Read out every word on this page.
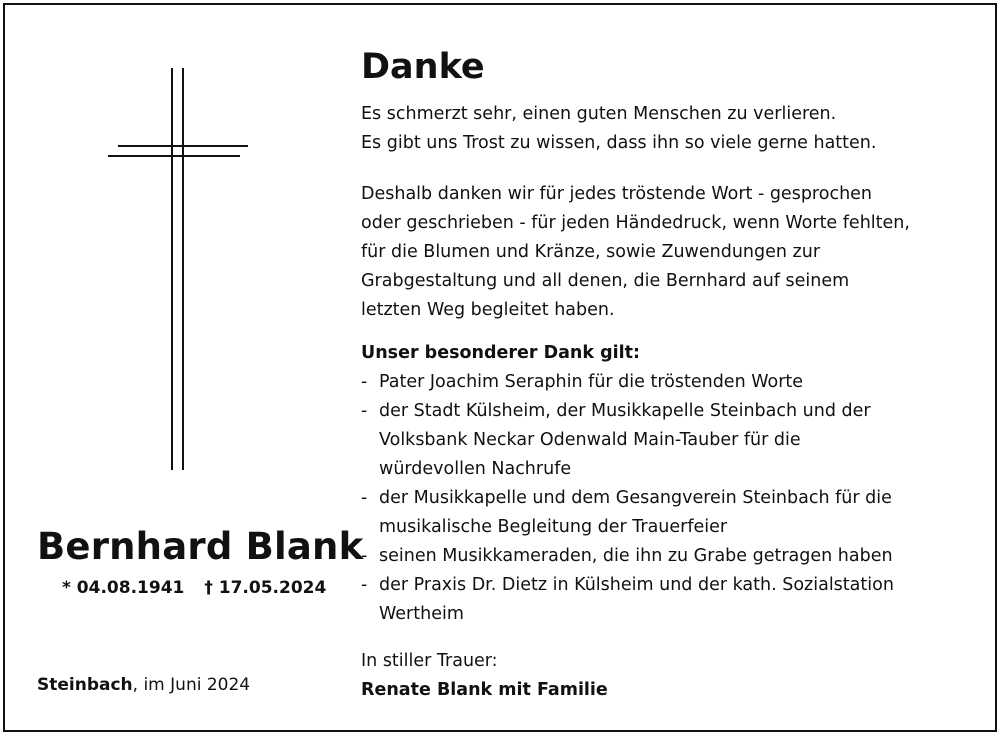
Bernhard Blank
* 04.08.1941 † 17.05.2024
Steinbach, im Juni 2024
Danke

Es schmerzt sehr, einen guten Menschen zu verlieren.
Es gibt uns Trost zu wissen, dass ihn so viele gerne hatten.

Deshalb danken wir für jedes tröstende Wort - gesprochen
oder geschrieben - für jeden Händedruck, wenn Worte fehlten,
für die Blumen und Kränze, sowie Zuwendungen zur
Grabgestaltung und all denen, die Bernhard auf seinem
letzten Weg begleitet haben.

Unser besonderer Dank gilt:
- Pater Joachim Seraphin für die tröstenden Worte
- der Stadt Külsheim, der Musikkapelle Steinbach und der
Volksbank Neckar Odenwald Main-Tauber für die
würdevollen Nachrufe
- der Musikkapelle und dem Gesangverein Steinbach für die
musikalische Begleitung der Trauerfeier
- seinen Musikkameraden, die ihn zu Grabe getragen haben
- der Praxis Dr. Dietz in Külsheim und der kath. Sozialstation
Wertheim
In stiller Trauer:
Renate Blank mit Familie
